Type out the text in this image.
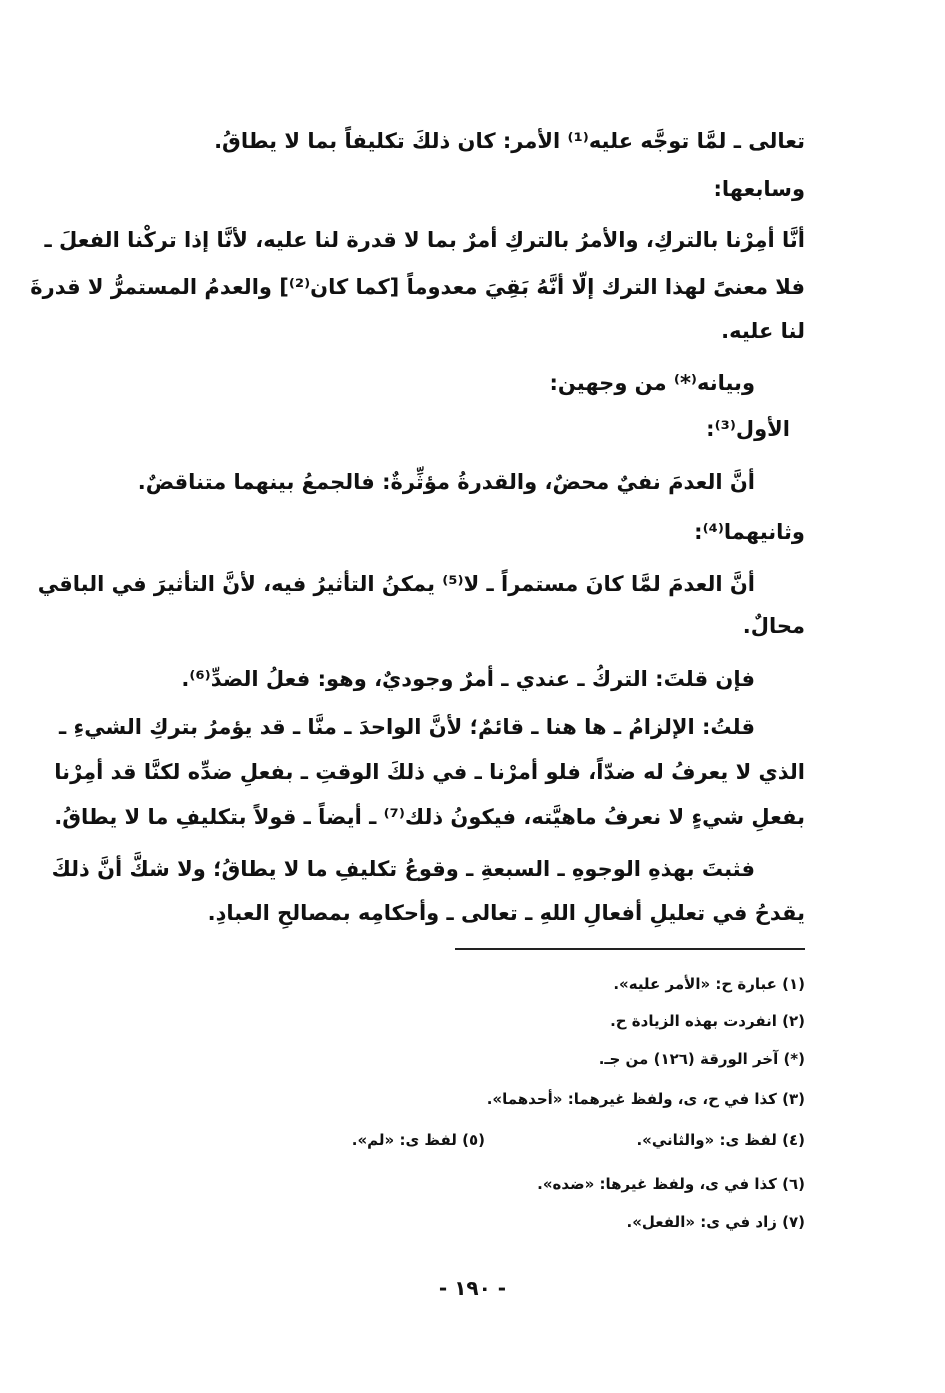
تعالى ـ لمَّا توجَّه عليه⁽¹⁾ الأمر: كان ذلكَ تكليفاً بما لا يطاقُ.
وسابعها:
أنَّا أمِرْنا بالتركِ، والأمرُ بالتركِ أمرٌ بما لا قدرة لنا عليه، لأنَّا إذا تركْنا الفعلَ ـ
فلا معنىً لهذا الترك إلّا أنَّهُ بَقِيَ معدوماً [كما كان⁽²⁾] والعدمُ المستمرُّ لا قدرةَ
لنا عليه.
وبيانه⁽*⁾ من وجهين:
الأول⁽³⁾:
أنَّ العدمَ نفيٌ محضٌ، والقدرةُ مؤثِّرةٌ: فالجمعُ بينهما متناقضٌ.
وثانيهما⁽⁴⁾:
أنَّ العدمَ لمَّا كانَ مستمراً ـ لا⁽⁵⁾ يمكنُ التأثيرُ فيه، لأنَّ التأثيرَ في الباقي
محالٌ.
فإن قلتَ: التركُ ـ عندي ـ أمرٌ وجوديٌ، وهو: فعلُ الضدِّ⁽⁶⁾.
قلتُ: الإلزامُ ـ ها هنا ـ قائمٌ؛ لأنَّ الواحدَ ـ منَّا ـ قد يؤمرُ بتركِ الشيءِ ـ
الذي لا يعرفُ له ضدّاً، فلو أمرْنا ـ في ذلكَ الوقتِ ـ بفعلِ ضدِّه لكنَّا قد أمِرْنا
بفعلِ شيءٍ لا نعرفُ ماهيَّته، فيكونُ ذلك⁽⁷⁾ ـ أيضاً ـ قولاً بتكليفِ ما لا يطاقُ.
فثبتَ بهذهِ الوجوهِ ـ السبعةِ ـ وقوعُ تكليفِ ما لا يطاقُ؛ ولا شكَّ أنَّ ذلكَ
يقدحُ في تعليلِ أفعالِ اللهِ ـ تعالى ـ وأحكامِه بمصالحِ العبادِ.
(١) عبارة ح: «الأمر عليه».
(٢) انفردت بهذه الزيادة ح.
(*) آخر الورقة (١٢٦) من جـ.
(٣) كذا في ح، ى، ولفظ غيرهما: «أحدهما».
(٤) لفظ ى: «والثاني».
(٥) لفظ ى: «لم».
(٦) كذا في ى، ولفظ غيرها: «ضده».
(٧) زاد في ى: «الفعل».
- ١٩٠ -
